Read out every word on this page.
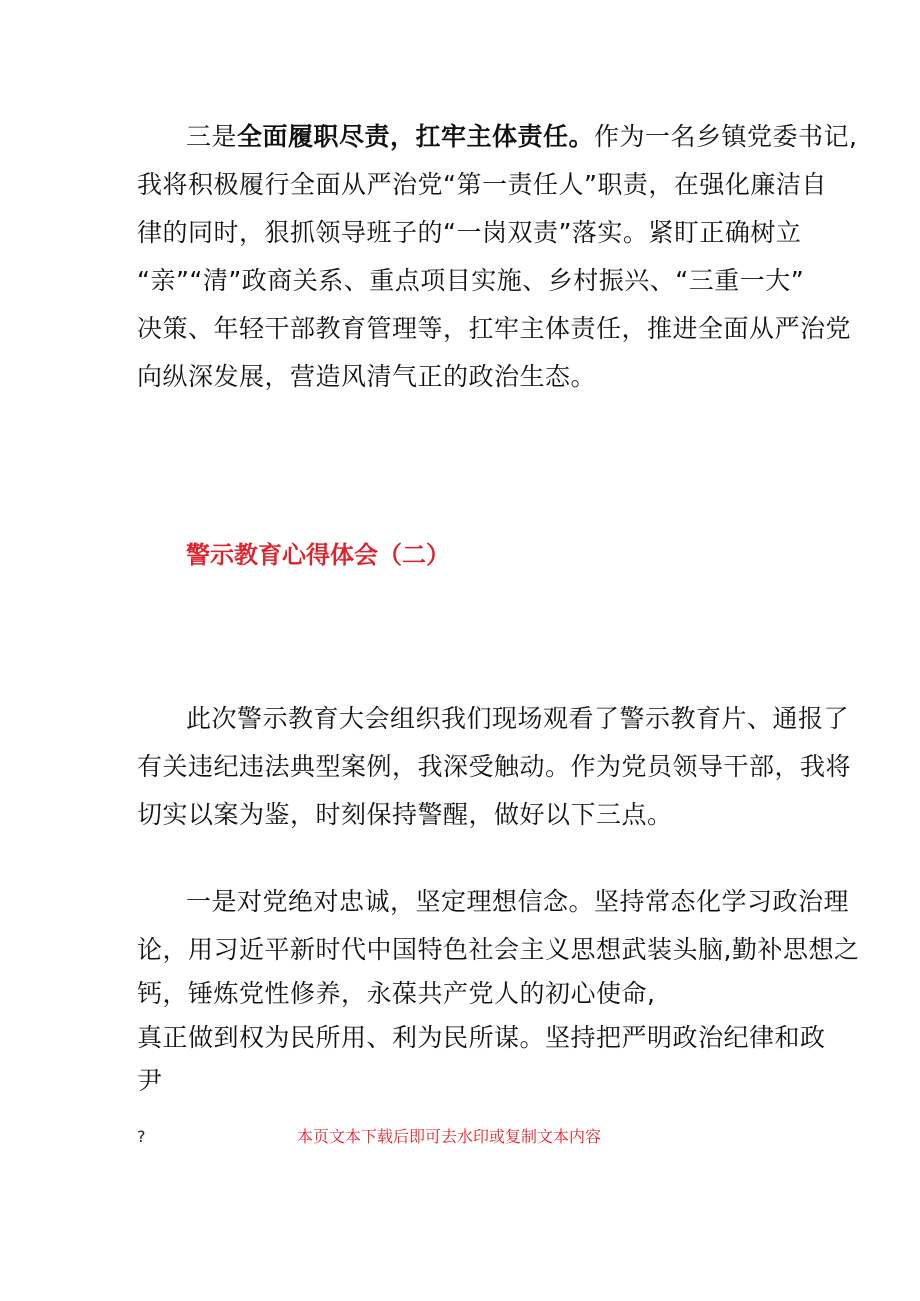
三是全面履职尽责，扛牢主体责任。作为一名乡镇党委书记,
我将积极履行全面从严治党“第一责任人”职责，在强化廉洁自
律的同时，狠抓领导班子的“一岗双责”落实。紧盯正确树立
“亲”“清”政商关系、重点项目实施、乡村振兴、“三重一大”
决策、年轻干部教育管理等，扛牢主体责任，推进全面从严治党
向纵深发展，营造风清气正的政治生态。
警示教育心得体会（二）
此次警示教育大会组织我们现场观看了警示教育片、通报了
有关违纪违法典型案例，我深受触动。作为党员领导干部，我将
切实以案为鉴，时刻保持警醒，做好以下三点。
一是对党绝对忠诚，坚定理想信念。坚持常态化学习政治理
论，用习近平新时代中国特色社会主义思想武装头脑,勤补思想之
钙，锤炼党性修养，永葆共产党人的初心使命,
真正做到权为民所用、利为民所谋。坚持把严明政治纪律和政
尹
?	本页文本下载后即可去水印或复制文本内容
